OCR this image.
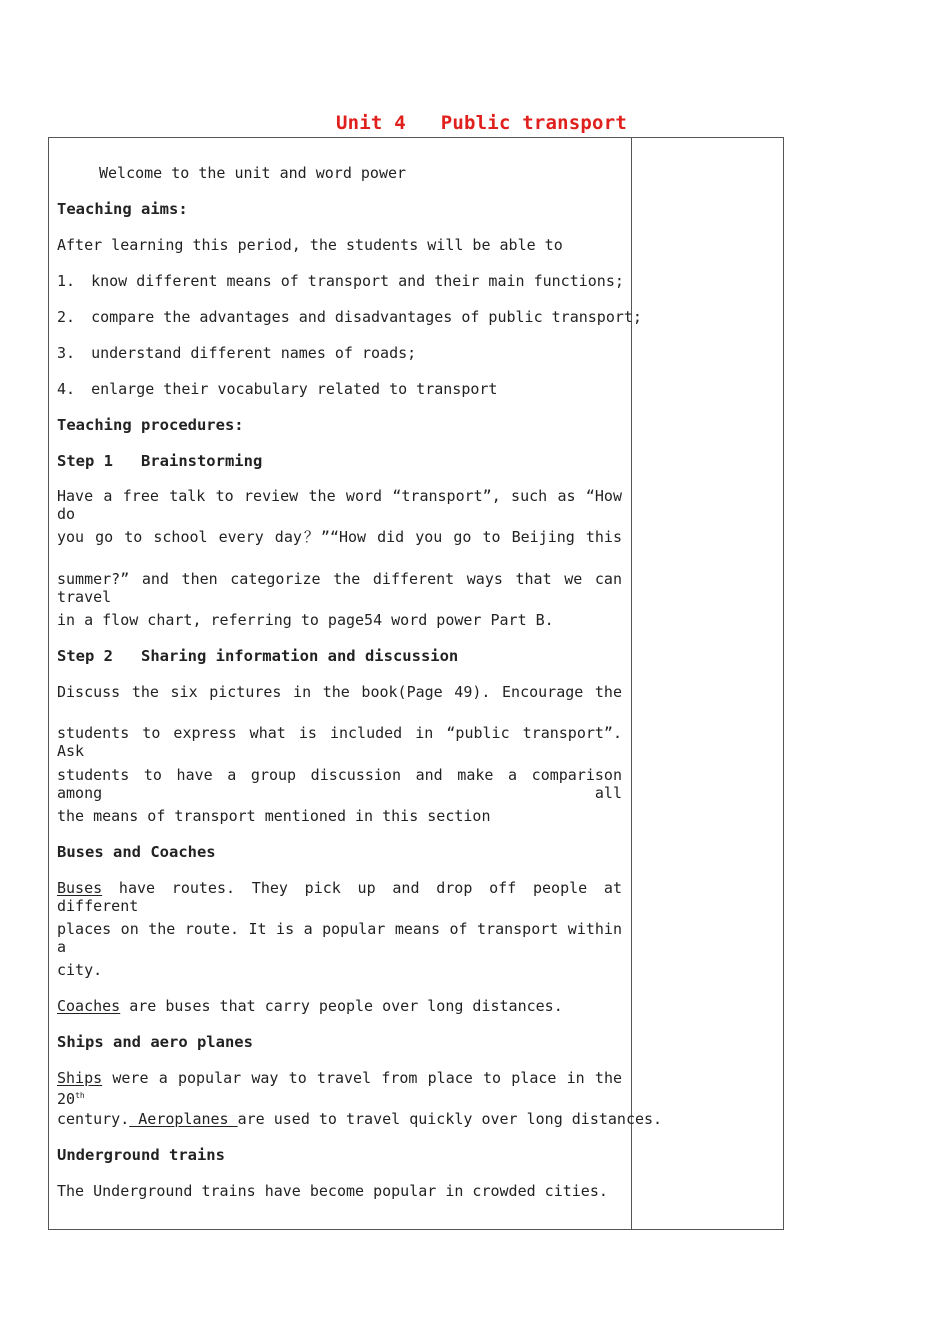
Unit 4   Public transport
Welcome to the unit and word power
Teaching aims:
After learning this period, the students will be able to
1. know different means of transport and their main functions;
2. compare the advantages and disadvantages of public transport;
3. understand different names of roads;
4. enlarge their vocabulary related to transport
Teaching procedures:
Step 1   Brainstorming
Have a free talk to review the word “transport”, such as “How do
you go to school every day？”“How did you go to Beijing this
summer?” and then categorize the different ways that we can travel
in a flow chart, referring to page54 word power Part B.
Step 2   Sharing information and discussion
Discuss the six pictures in the book(Page 49). Encourage the
students to express what is included in “public transport”. Ask
students to have a group discussion and make a comparison among all
the means of transport mentioned in this section
Buses and Coaches
Buses have routes. They pick up and drop off people at different
places on the route. It is a popular means of transport within a
city.
Coaches are buses that carry people over long distances.
Ships and aero planes
Ships were a popular way to travel from place to place in the 20th
century. Aeroplanes are used to travel quickly over long distances.
Underground trains
The Underground trains have become popular in crowded cities.
